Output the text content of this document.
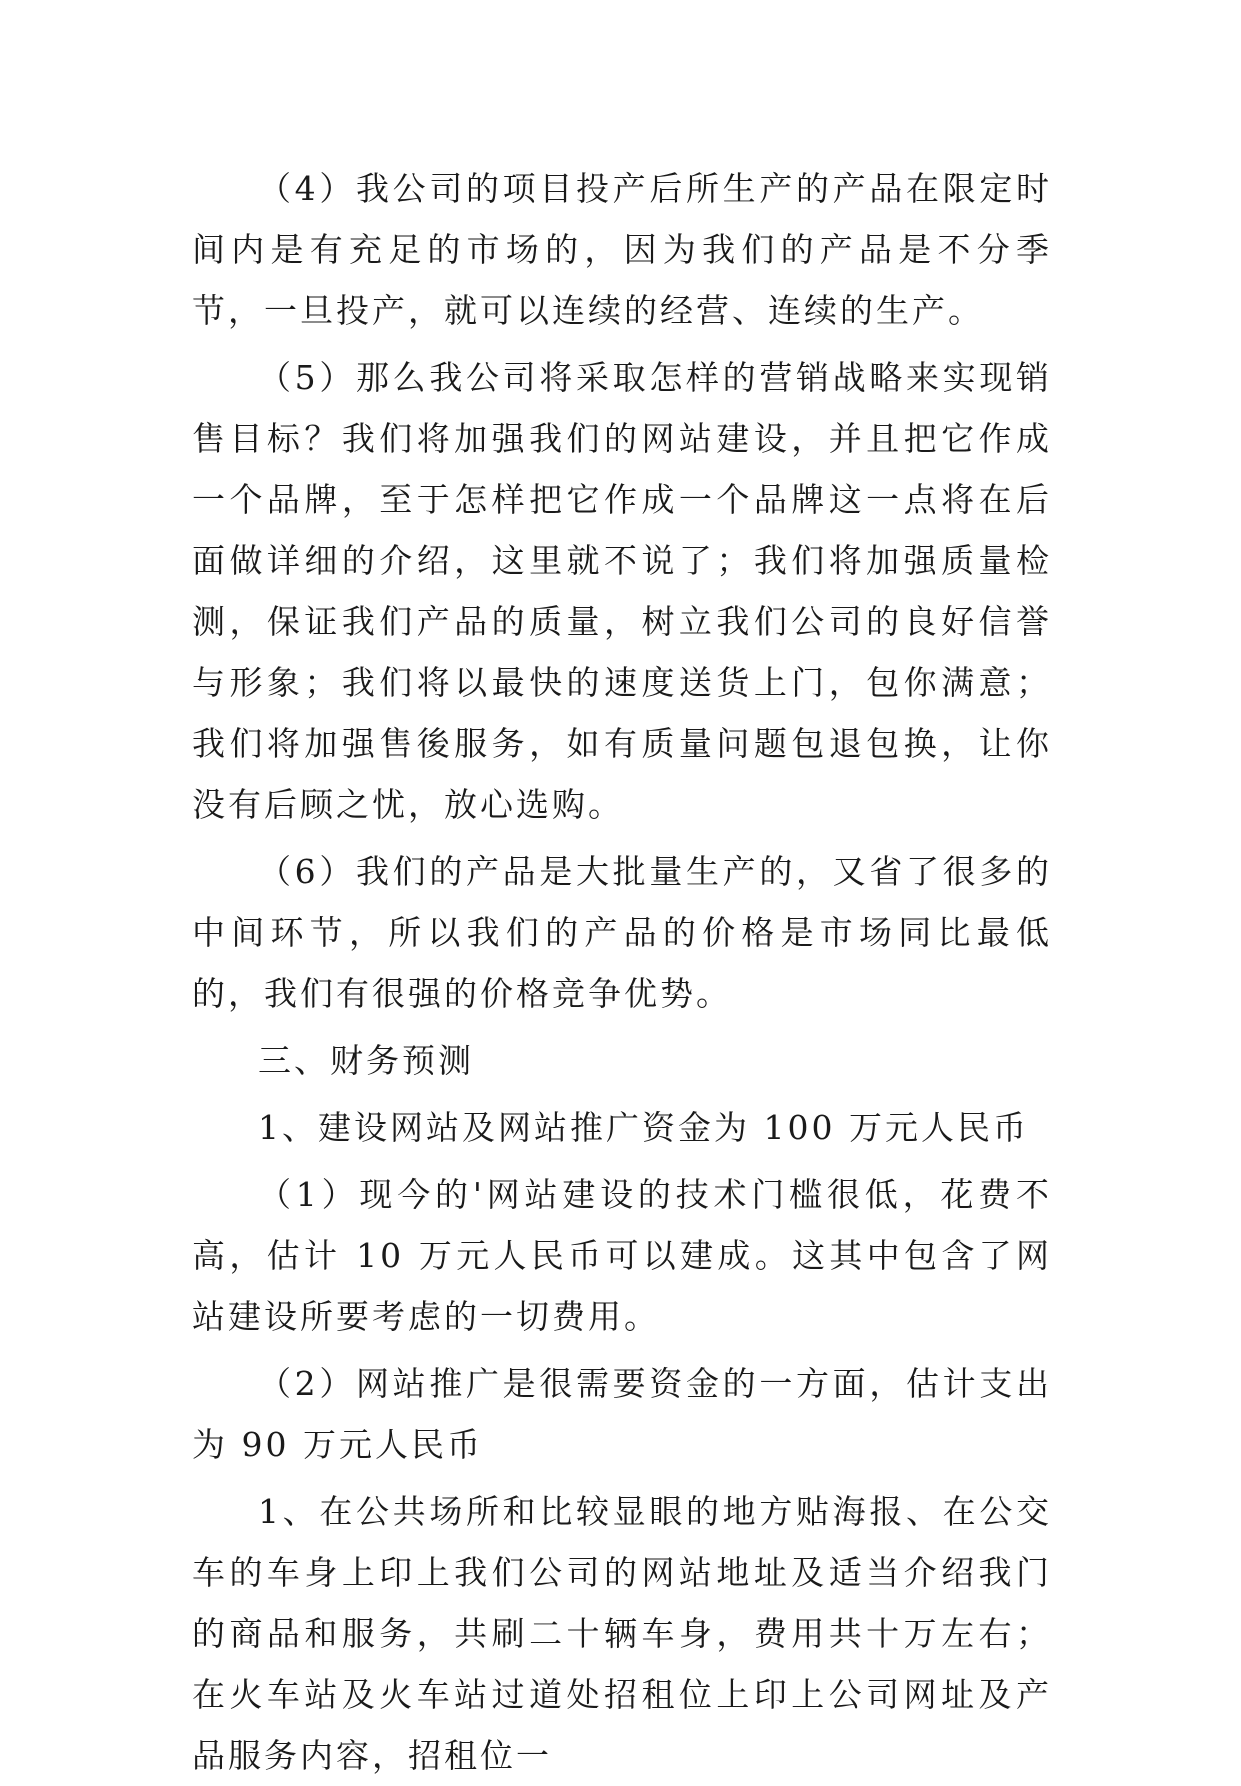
（4）我公司的项目投产后所生产的产品在限定时间内是有充足的市场的，因为我们的产品是不分季节，一旦投产，就可以连续的经营、连续的生产。

（5）那么我公司将采取怎样的营销战略来实现销售目标？我们将加强我们的网站建设，并且把它作成一个品牌，至于怎样把它作成一个品牌这一点将在后面做详细的介绍，这里就不说了；我们将加强质量检测，保证我们产品的质量，树立我们公司的良好信誉与形象；我们将以最快的速度送货上门，包你满意；我们将加强售後服务，如有质量问题包退包换，让你没有后顾之忧，放心选购。

（6）我们的产品是大批量生产的，又省了很多的中间环节，所以我们的产品的价格是市场同比最低的，我们有很强的价格竞争优势。

三、财务预测

1、建设网站及网站推广资金为 100 万元人民币

（1）现今的'网站建设的技术门槛很低，花费不高，估计 10 万元人民币可以建成。这其中包含了网站建设所要考虑的一切费用。

（2）网站推广是很需要资金的一方面，估计支出为 90 万元人民币

1、在公共场所和比较显眼的地方贴海报、在公交车的车身上印上我们公司的网站地址及适当介绍我门的商品和服务，共刷二十辆车身，费用共十万左右；在火车站及火车站过道处招租位上印上公司网址及产品服务内容，招租位一
